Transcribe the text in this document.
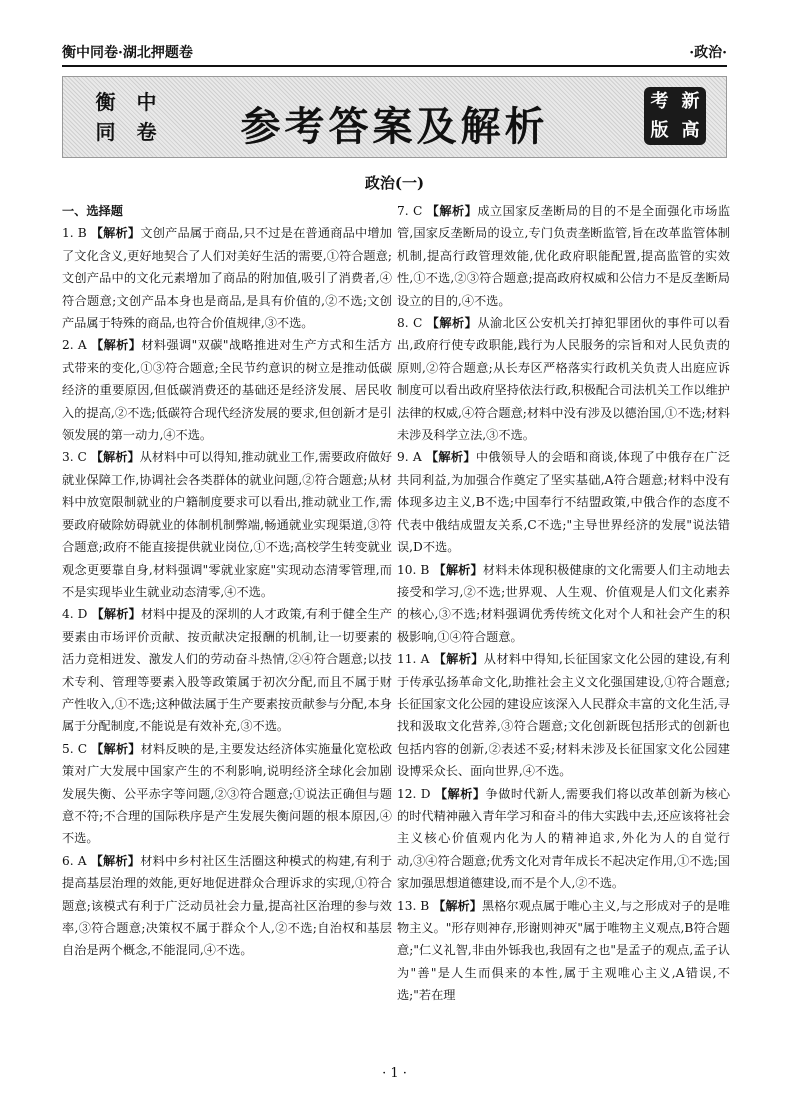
衡中同卷·湖北押题卷	·政治·
衡	中
同	卷	参考答案及解析
考 新
版 高
政治(一)
一、选择题

1. B 【解析】文创产品属于商品,只不过是在普通商品中增加了文化含义,更好地契合了人们对美好生活的需要,①符合题意;文创产品中的文化元素增加了商品的附加值,吸引了消费者,④符合题意;文创产品本身也是商品,是具有价值的,②不选;文创产品属于特殊的商品,也符合价值规律,③不选。

2. A 【解析】材料强调"双碳"战略推进对生产方式和生活方式带来的变化,①③符合题意;全民节约意识的树立是推动低碳经济的重要原因,但低碳消费还的基础还是经济发展、居民收入的提高,②不选;低碳符合现代经济发展的要求,但创新才是引领发展的第一动力,④不选。

3. C 【解析】从材料中可以得知,推动就业工作,需要政府做好就业保障工作,协调社会各类群体的就业问题,②符合题意;从材料中放宽限制就业的户籍制度要求可以看出,推动就业工作,需要政府破除妨碍就业的体制机制弊端,畅通就业实现渠道,③符合题意;政府不能直接提供就业岗位,①不选;高校学生转变就业观念更要靠自身,材料强调"零就业家庭"实现动态清零管理,而不是实现毕业生就业动态清零,④不选。

4. D 【解析】材料中提及的深圳的人才政策,有利于健全生产要素由市场评价贡献、按贡献决定报酬的机制,让一切要素的活力竞相迸发、激发人们的劳动奋斗热情,②④符合题意;以技术专利、管理等要素入股等政策属于初次分配,而且不属于财产性收入,①不选;这种做法属于生产要素按贡献参与分配,本身属于分配制度,不能说是有效补充,③不选。

5. C 【解析】材料反映的是,主要发达经济体实施量化宽松政策对广大发展中国家产生的不利影响,说明经济全球化会加剧发展失衡、公平赤字等问题,②③符合题意;①说法正确但与题意不符;不合理的国际秩序是产生发展失衡问题的根本原因,④不选。

6. A 【解析】材料中乡村社区生活圈这种模式的构建,有利于提高基层治理的效能,更好地促进群众合理诉求的实现,①符合题意;该模式有利于广泛动员社会力量,提高社区治理的参与效率,③符合题意;决策权不属于群众个人,②不选;自治权和基层自治是两个概念,不能混同,④不选。

7. C 【解析】成立国家反垄断局的目的不是全面强化市场监管,国家反垄断局的设立,专门负责垄断监管,旨在改革监管体制机制,提高行政管理效能,优化政府职能配置,提高监管的实效性,①不选,②③符合题意;提高政府权威和公信力不是反垄断局设立的目的,④不选。

8. C 【解析】从渝北区公安机关打掉犯罪团伙的事件可以看出,政府行使专政职能,践行为人民服务的宗旨和对人民负责的原则,②符合题意;从长寿区严格落实行政机关负责人出庭应诉制度可以看出政府坚持依法行政,积极配合司法机关工作以维护法律的权威,④符合题意;材料中没有涉及以德治国,①不选;材料未涉及科学立法,③不选。

9. A 【解析】中俄领导人的会晤和商谈,体现了中俄存在广泛共同利益,为加强合作奠定了坚实基础,A符合题意;材料中没有体现多边主义,B不选;中国奉行不结盟政策,中俄合作的态度不代表中俄结成盟友关系,C不选;"主导世界经济的发展"说法错误,D不选。

10. B 【解析】材料未体现积极健康的文化需要人们主动地去接受和学习,②不选;世界观、人生观、价值观是人们文化素养的核心,③不选;材料强调优秀传统文化对个人和社会产生的积极影响,①④符合题意。

11. A 【解析】从材料中得知,长征国家文化公园的建设,有利于传承弘扬革命文化,助推社会主义文化强国建设,①符合题意;长征国家文化公园的建设应该深入人民群众丰富的文化生活,寻找和汲取文化营养,③符合题意;文化创新既包括形式的创新也包括内容的创新,②表述不妥;材料未涉及长征国家文化公园建设博采众长、面向世界,④不选。

12. D 【解析】争做时代新人,需要我们将以改革创新为核心的时代精神融入青年学习和奋斗的伟大实践中去,还应该将社会主义核心价值观内化为人的精神追求,外化为人的自觉行动,③④符合题意;优秀文化对青年成长不起决定作用,①不选;国家加强思想道德建设,而不是个人,②不选。

13. B 【解析】黑格尔观点属于唯心主义,与之形成对子的是唯物主义。"形存则神存,形谢则神灭"属于唯物主义观点,B符合题意;"仁义礼智,非由外铄我也,我固有之也"是孟子的观点,孟子认为"善"是人生而俱来的本性,属于主观唯心主义,A错误,不选;"若在理

· 1 ·
